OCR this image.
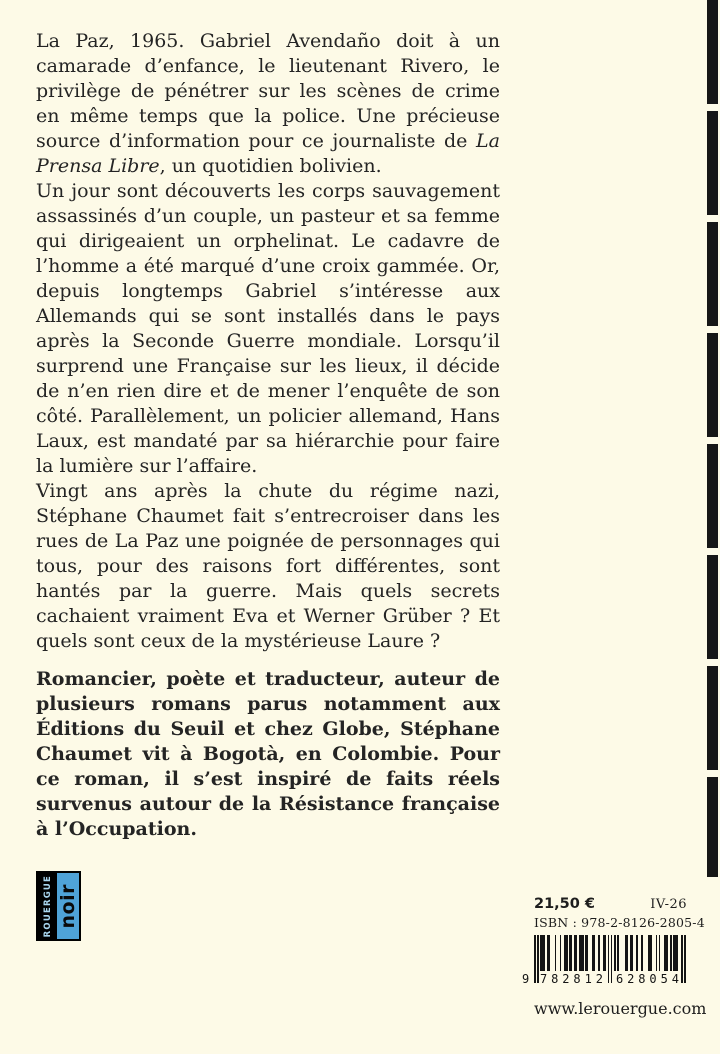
La Paz, 1965. Gabriel Avendaño doit à un camarade d’enfance, le lieutenant Rivero, le privilège de pénétrer sur les scènes de crime en même temps que la police. Une précieuse source d’information pour ce journaliste de La Prensa Libre, un quotidien bolivien.

Un jour sont découverts les corps sauvagement assassinés d’un couple, un pasteur et sa femme qui dirigeaient un orphelinat. Le cadavre de l’homme a été marqué d’une croix gammée. Or, depuis longtemps Gabriel s’intéresse aux Allemands qui se sont installés dans le pays après la Seconde Guerre mondiale. Lorsqu’il surprend une Française sur les lieux, il décide de n’en rien dire et de mener l’enquête de son côté. Parallèlement, un policier allemand, Hans Laux, est mandaté par sa hiérarchie pour faire la lumière sur l’affaire.

Vingt ans après la chute du régime nazi, Stéphane Chaumet fait s’entrecroiser dans les rues de La Paz une poignée de personnages qui tous, pour des raisons fort différentes, sont hantés par la guerre. Mais quels secrets cachaient vraiment Eva et Werner Grüber ? Et quels sont ceux de la mystérieuse Laure ?

Romancier, poète et traducteur, auteur de plusieurs romans parus notamment aux Éditions du Seuil et chez Globe, Stéphane Chaumet vit à Bogotà, en Colombie. Pour ce roman, il s’est inspiré de faits réels survenus autour de la Résistance française à l’Occupation.

ROUERGUE noir	21,50 €	IV-26
ISBN : 978-2-8126-2805-4
9 7 8 2 8 1 2 6 2 8 0 5 4
www.lerouergue.com
